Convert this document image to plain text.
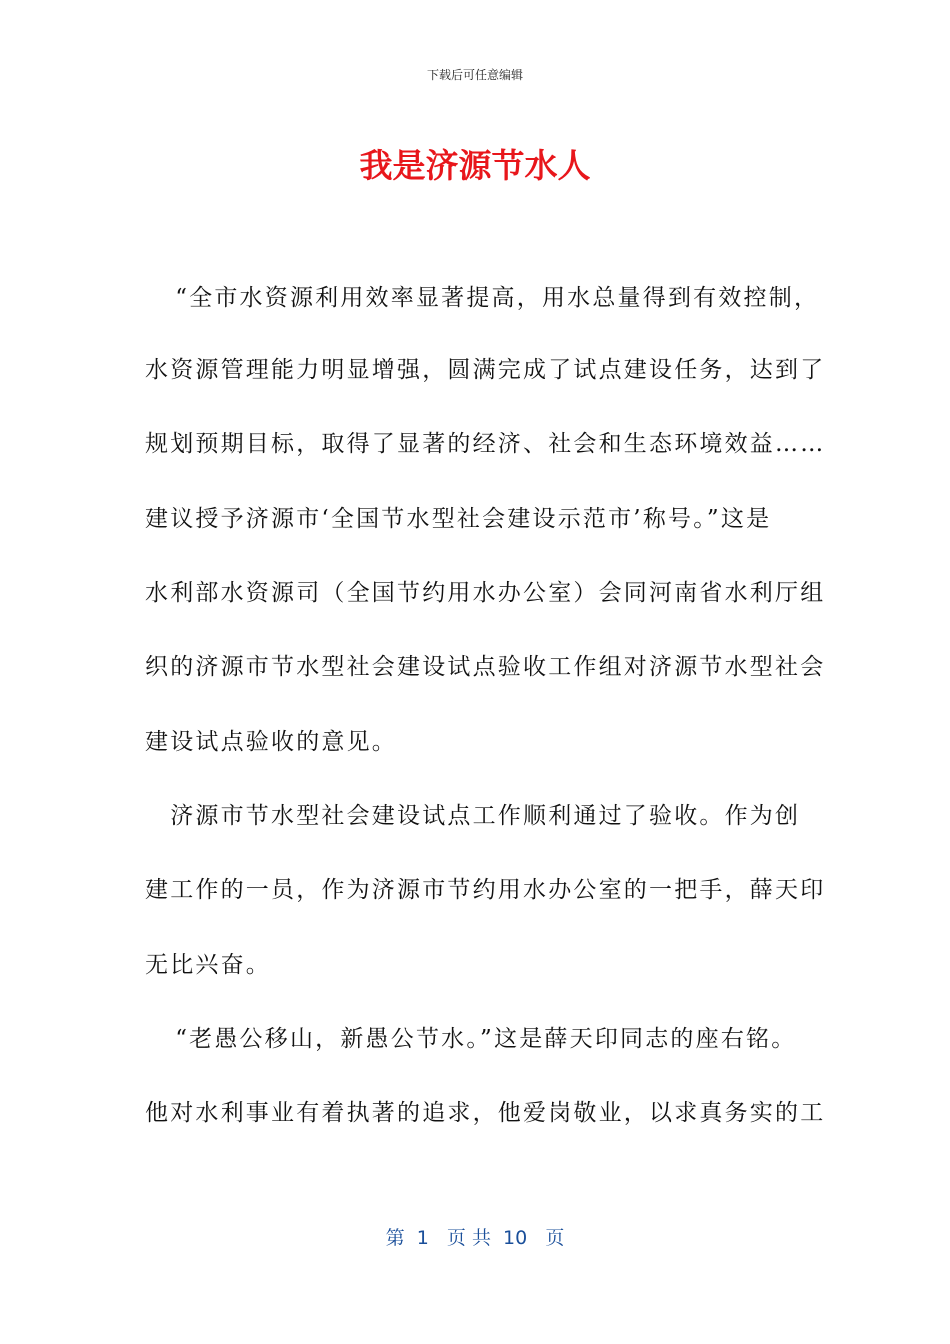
下载后可任意编辑
我是济源节水人
　“全市水资源利用效率显著提高，用水总量得到有效控制，
水资源管理能力明显增强，圆满完成了试点建设任务，达到了
规划预期目标，取得了显著的经济、社会和生态环境效益……
建议授予济源市‘全国节水型社会建设示范市’称号。”这是
水利部水资源司（全国节约用水办公室）会同河南省水利厅组
织的济源市节水型社会建设试点验收工作组对济源节水型社会
建设试点验收的意见。
　济源市节水型社会建设试点工作顺利通过了验收。作为创
建工作的一员，作为济源市节约用水办公室的一把手，薛天印
无比兴奋。
　“老愚公移山，新愚公节水。”这是薛天印同志的座右铭。
他对水利事业有着执著的追求，他爱岗敬业，以求真务实的工
第  1   页 共  10   页
